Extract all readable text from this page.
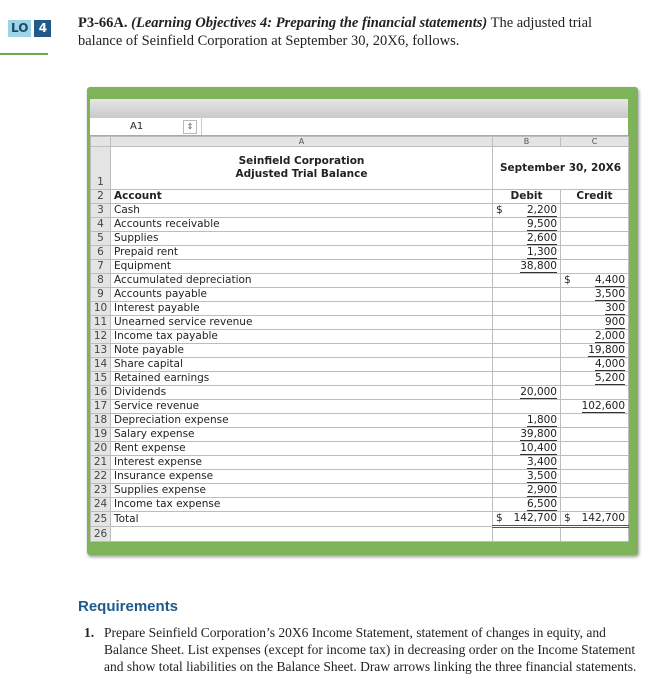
LO 4 P3-66A. (Learning Objectives 4: Preparing the financial statements) The adjusted trial balance of Seinfield Corporation at September 30, 20X6, follows.
A1	⇕
	A	B	C
1	Seinfield Corporation
Adjusted Trial Balance	September 30, 20X6	
2	Account	Debit	Credit
3	Cash	$ 2,200	
4	Accounts receivable	9,500	
5	Supplies	2,600	
6	Prepaid rent	1,300	
7	Equipment	38,800	
8	Accumulated depreciation		$ 4,400
9	Accounts payable		3,500
10	Interest payable		300
11	Unearned service revenue		900
12	Income tax payable		2,000
13	Note payable		19,800
14	Share capital		4,000
15	Retained earnings		5,200
16	Dividends	20,000	
17	Service revenue		102,600
18	Depreciation expense	1,800	
19	Salary expense	39,800	
20	Rent expense	10,400	
21	Interest expense	3,400	
22	Insurance expense	3,500	
23	Supplies expense	2,900	
24	Income tax expense	6,500	
25	Total	$ 142,700	$ 142,700
26			
Requirements
1. Prepare Seinfield Corporation’s 20X6 Income Statement, statement of changes in equity, and Balance Sheet. List expenses (except for income tax) in decreasing order on the Income Statement and show total liabilities on the Balance Sheet. Draw arrows linking the three financial statements.
